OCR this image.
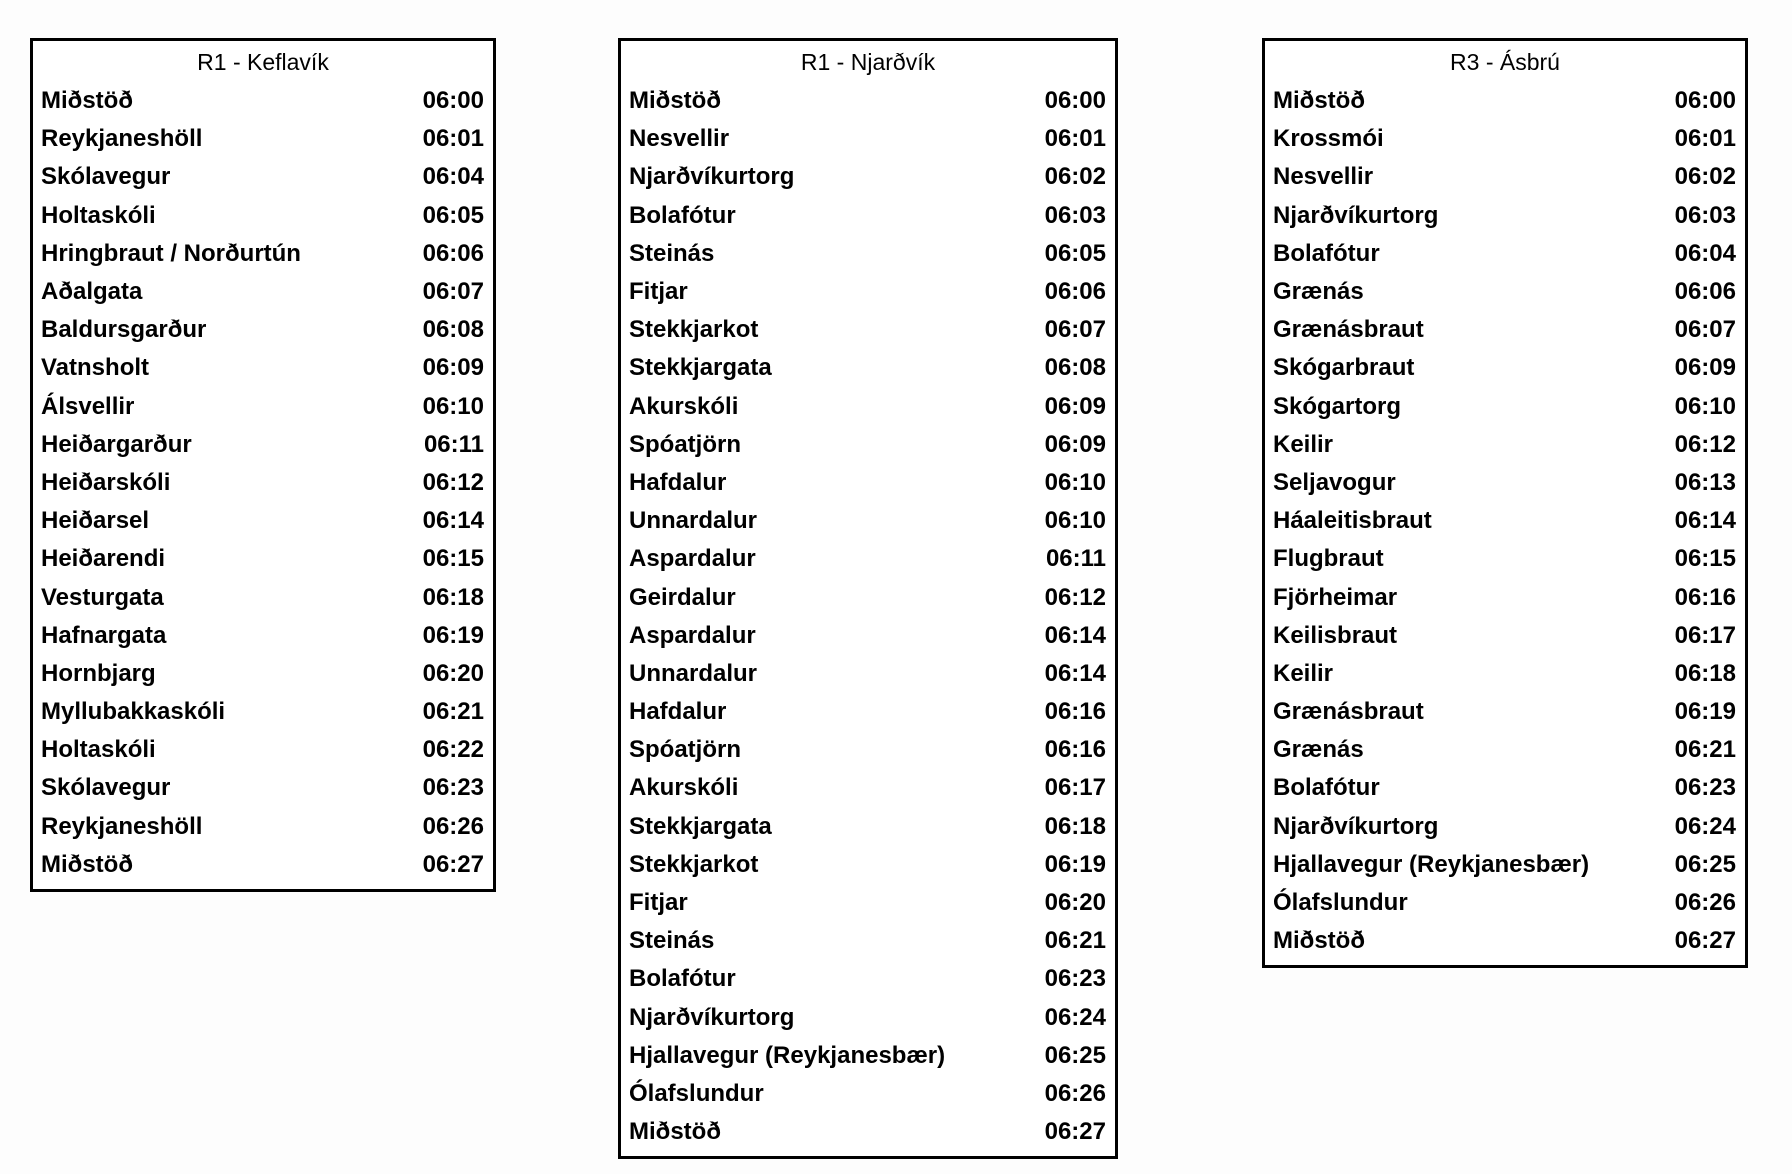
R1 - Keflavík
Miðstöð	06:00
Reykjaneshöll	06:01
Skólavegur	06:04
Holtaskóli	06:05
Hringbraut / Norðurtún	06:06
Aðalgata	06:07
Baldursgarður	06:08
Vatnsholt	06:09
Álsvellir	06:10
Heiðargarður	06:11
Heiðarskóli	06:12
Heiðarsel	06:14
Heiðarendi	06:15
Vesturgata	06:18
Hafnargata	06:19
Hornbjarg	06:20
Myllubakkaskóli	06:21
Holtaskóli	06:22
Skólavegur	06:23
Reykjaneshöll	06:26
Miðstöð	06:27
R1 - Njarðvík
Miðstöð	06:00
Nesvellir	06:01
Njarðvíkurtorg	06:02
Bolafótur	06:03
Steinás	06:05
Fitjar	06:06
Stekkjarkot	06:07
Stekkjargata	06:08
Akurskóli	06:09
Spóatjörn	06:09
Hafdalur	06:10
Unnardalur	06:10
Aspardalur	06:11
Geirdalur	06:12
Aspardalur	06:14
Unnardalur	06:14
Hafdalur	06:16
Spóatjörn	06:16
Akurskóli	06:17
Stekkjargata	06:18
Stekkjarkot	06:19
Fitjar	06:20
Steinás	06:21
Bolafótur	06:23
Njarðvíkurtorg	06:24
Hjallavegur (Reykjanesbær)	06:25
Ólafslundur	06:26
Miðstöð	06:27
R3 - Ásbrú
Miðstöð	06:00
Krossmói	06:01
Nesvellir	06:02
Njarðvíkurtorg	06:03
Bolafótur	06:04
Grænás	06:06
Grænásbraut	06:07
Skógarbraut	06:09
Skógartorg	06:10
Keilir	06:12
Seljavogur	06:13
Háaleitisbraut	06:14
Flugbraut	06:15
Fjörheimar	06:16
Keilisbraut	06:17
Keilir	06:18
Grænásbraut	06:19
Grænás	06:21
Bolafótur	06:23
Njarðvíkurtorg	06:24
Hjallavegur (Reykjanesbær)	06:25
Ólafslundur	06:26
Miðstöð	06:27
